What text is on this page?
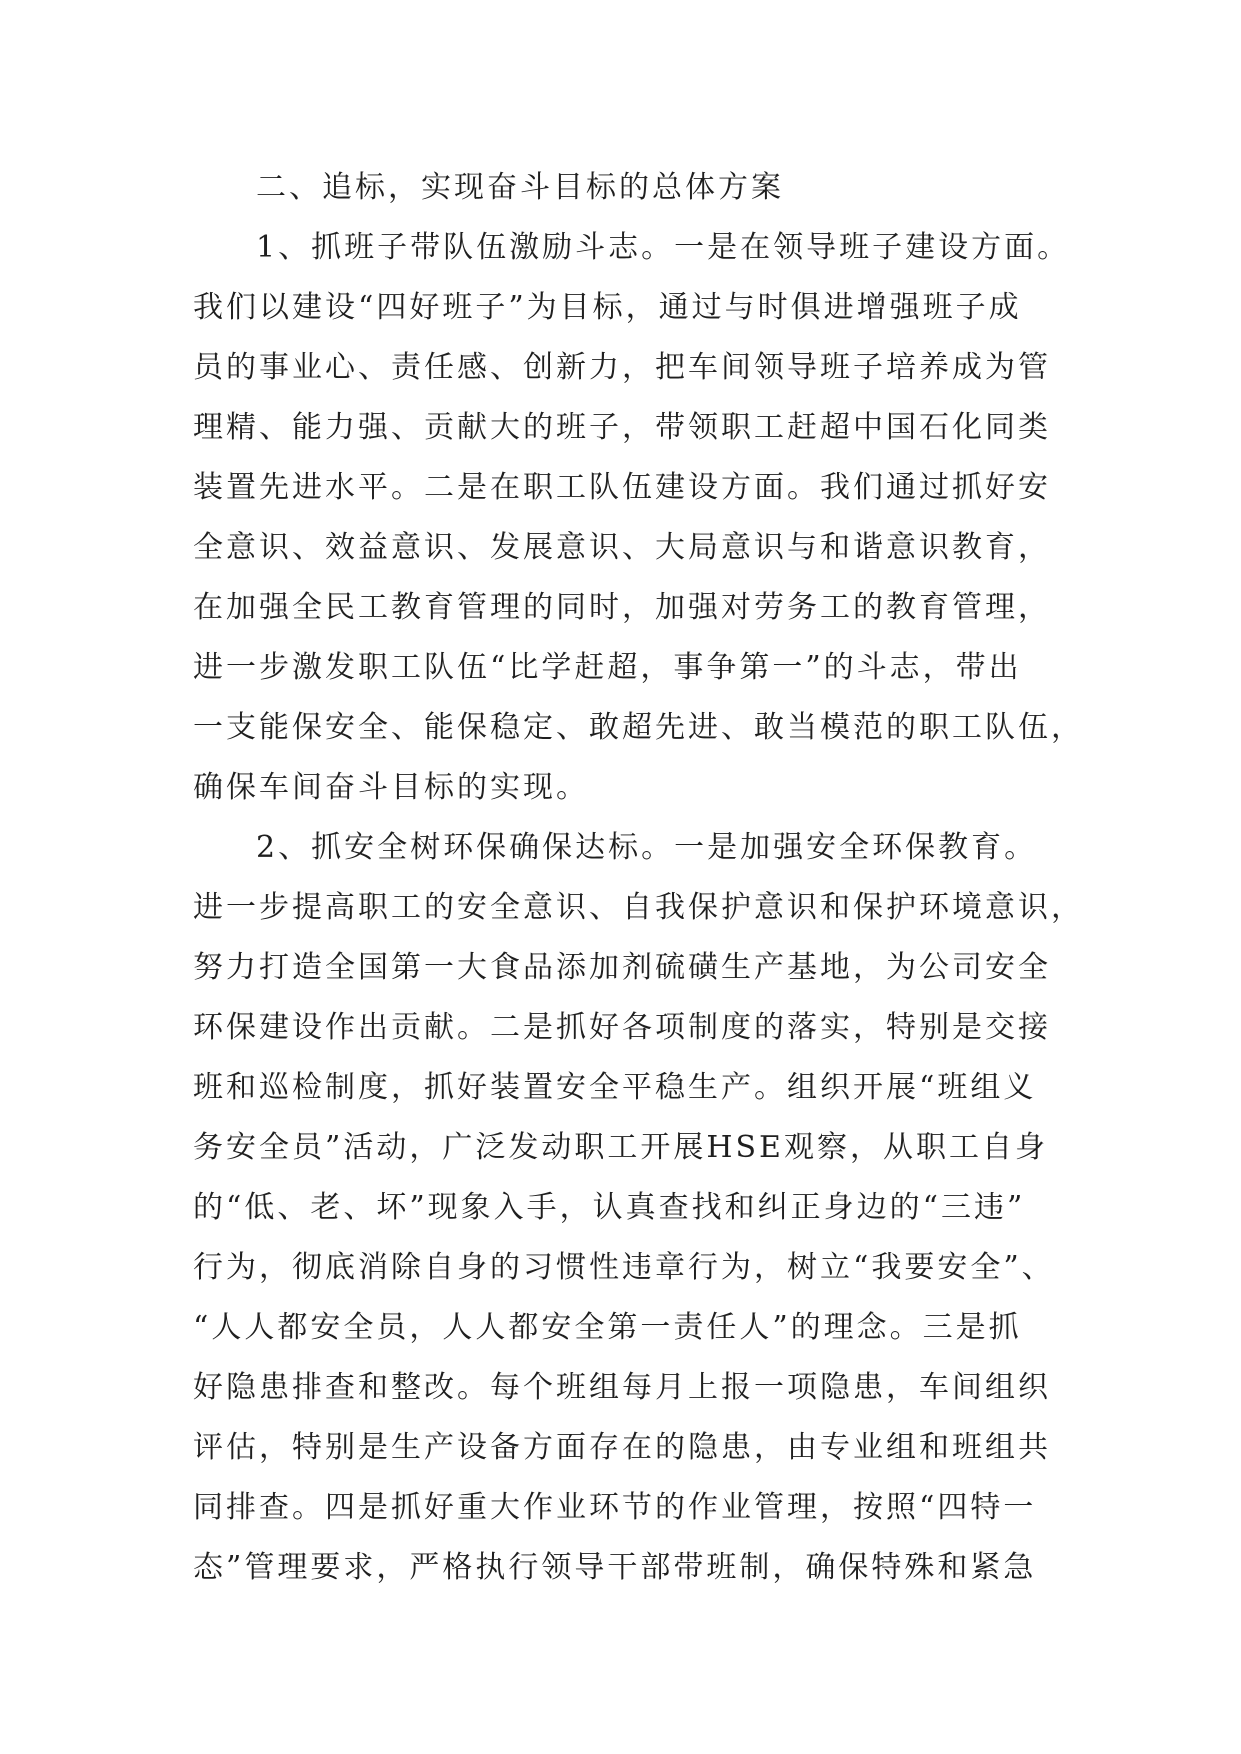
二、追标，实现奋斗目标的总体方案
1、抓班子带队伍激励斗志。一是在领导班子建设方面。
我们以建设“四好班子”为目标，通过与时俱进增强班子成
员的事业心、责任感、创新力，把车间领导班子培养成为管
理精、能力强、贡献大的班子，带领职工赶超中国石化同类
装置先进水平。二是在职工队伍建设方面。我们通过抓好安
全意识、效益意识、发展意识、大局意识与和谐意识教育，
在加强全民工教育管理的同时，加强对劳务工的教育管理，
进一步激发职工队伍“比学赶超，事争第一”的斗志，带出
一支能保安全、能保稳定、敢超先进、敢当模范的职工队伍，
确保车间奋斗目标的实现。
2、抓安全树环保确保达标。一是加强安全环保教育。
进一步提高职工的安全意识、自我保护意识和保护环境意识，
努力打造全国第一大食品添加剂硫磺生产基地，为公司安全
环保建设作出贡献。二是抓好各项制度的落实，特别是交接
班和巡检制度，抓好装置安全平稳生产。组织开展“班组义
务安全员”活动，广泛发动职工开展HSE观察，从职工自身
的“低、老、坏”现象入手，认真查找和纠正身边的“三违”
行为，彻底消除自身的习惯性违章行为，树立“我要安全”、
“人人都安全员，人人都安全第一责任人”的理念。三是抓
好隐患排查和整改。每个班组每月上报一项隐患，车间组织
评估，特别是生产设备方面存在的隐患，由专业组和班组共
同排查。四是抓好重大作业环节的作业管理，按照“四特一
态”管理要求，严格执行领导干部带班制，确保特殊和紧急
